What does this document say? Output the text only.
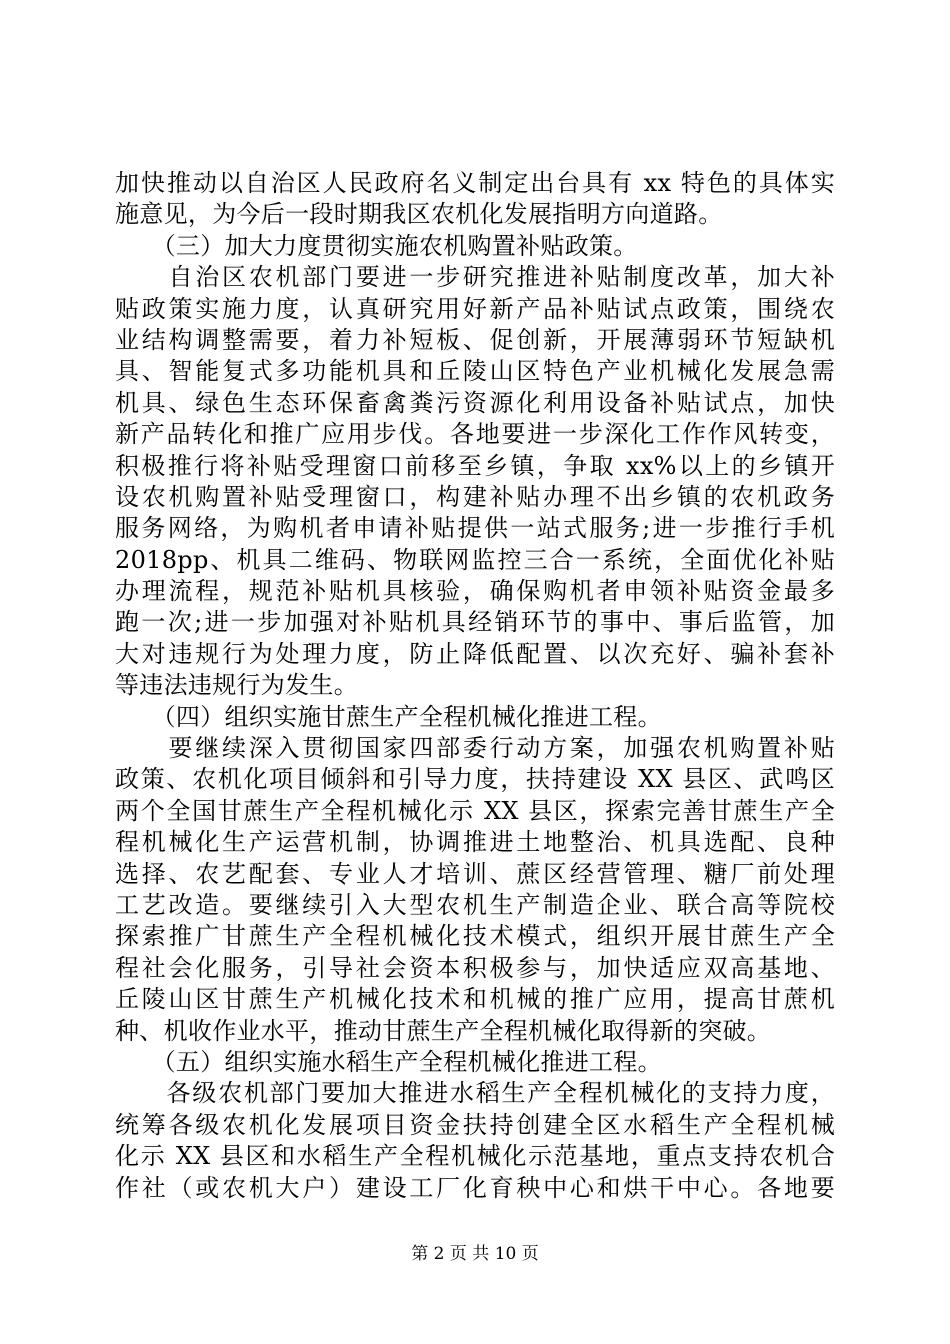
加快推动以自治区人民政府名义制定出台具有 xx 特色的具体实
施意见，为今后一段时期我区农机化发展指明方向道路。
　　（三）加大力度贯彻实施农机购置补贴政策。
　　自治区农机部门要进一步研究推进补贴制度改革，加大补
贴政策实施力度，认真研究用好新产品补贴试点政策，围绕农
业结构调整需要，着力补短板、促创新，开展薄弱环节短缺机
具、智能复式多功能机具和丘陵山区特色产业机械化发展急需
机具、绿色生态环保畜禽粪污资源化利用设备补贴试点，加快
新产品转化和推广应用步伐。各地要进一步深化工作作风转变，
积极推行将补贴受理窗口前移至乡镇，争取 xx%以上的乡镇开
设农机购置补贴受理窗口，构建补贴办理不出乡镇的农机政务
服务网络，为购机者申请补贴提供一站式服务;进一步推行手机
2018pp、机具二维码、物联网监控三合一系统，全面优化补贴
办理流程，规范补贴机具核验，确保购机者申领补贴资金最多
跑一次;进一步加强对补贴机具经销环节的事中、事后监管，加
大对违规行为处理力度，防止降低配置、以次充好、骗补套补
等违法违规行为发生。
　　（四）组织实施甘蔗生产全程机械化推进工程。
　　要继续深入贯彻国家四部委行动方案，加强农机购置补贴
政策、农机化项目倾斜和引导力度，扶持建设 XX 县区、武鸣区
两个全国甘蔗生产全程机械化示 XX 县区，探索完善甘蔗生产全
程机械化生产运营机制，协调推进土地整治、机具选配、良种
选择、农艺配套、专业人才培训、蔗区经营管理、糖厂前处理
工艺改造。要继续引入大型农机生产制造企业、联合高等院校
探索推广甘蔗生产全程机械化技术模式，组织开展甘蔗生产全
程社会化服务，引导社会资本积极参与，加快适应双高基地、
丘陵山区甘蔗生产机械化技术和机械的推广应用，提高甘蔗机
种、机收作业水平，推动甘蔗生产全程机械化取得新的突破。
　　（五）组织实施水稻生产全程机械化推进工程。
　　各级农机部门要加大推进水稻生产全程机械化的支持力度，
统筹各级农机化发展项目资金扶持创建全区水稻生产全程机械
化示 XX 县区和水稻生产全程机械化示范基地，重点支持农机合
作社（或农机大户）建设工厂化育秧中心和烘干中心。各地要
第 2 页 共 10 页
